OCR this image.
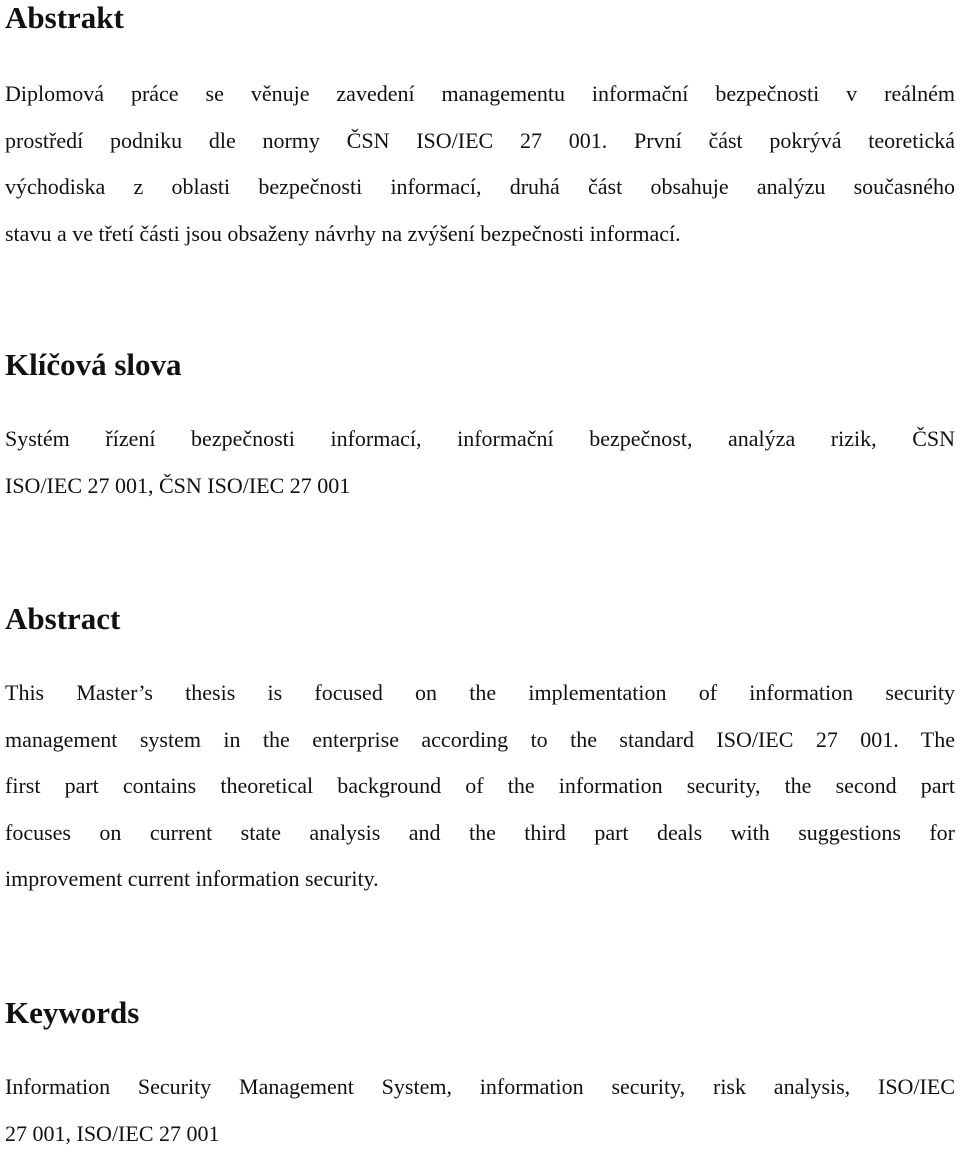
Abstrakt
Diplomová práce se věnuje zavedení managementu informační bezpečnosti v reálném
prostředí podniku dle normy ČSN ISO/IEC 27 001. První část pokrývá teoretická
východiska z oblasti bezpečnosti informací, druhá část obsahuje analýzu současného
stavu a ve třetí části jsou obsaženy návrhy na zvýšení bezpečnosti informací.
Klíčová slova
Systém řízení bezpečnosti informací, informační bezpečnost, analýza rizik, ČSN
ISO/IEC 27 001, ČSN ISO/IEC 27 001
Abstract
This Master’s thesis is focused on the implementation of information security
management system in the enterprise according to the standard ISO/IEC 27 001. The
first part contains theoretical background of the information security, the second part
focuses on current state analysis and the third part deals with suggestions for
improvement current information security.
Keywords
Information Security Management System, information security, risk analysis, ISO/IEC
27 001, ISO/IEC 27 001
